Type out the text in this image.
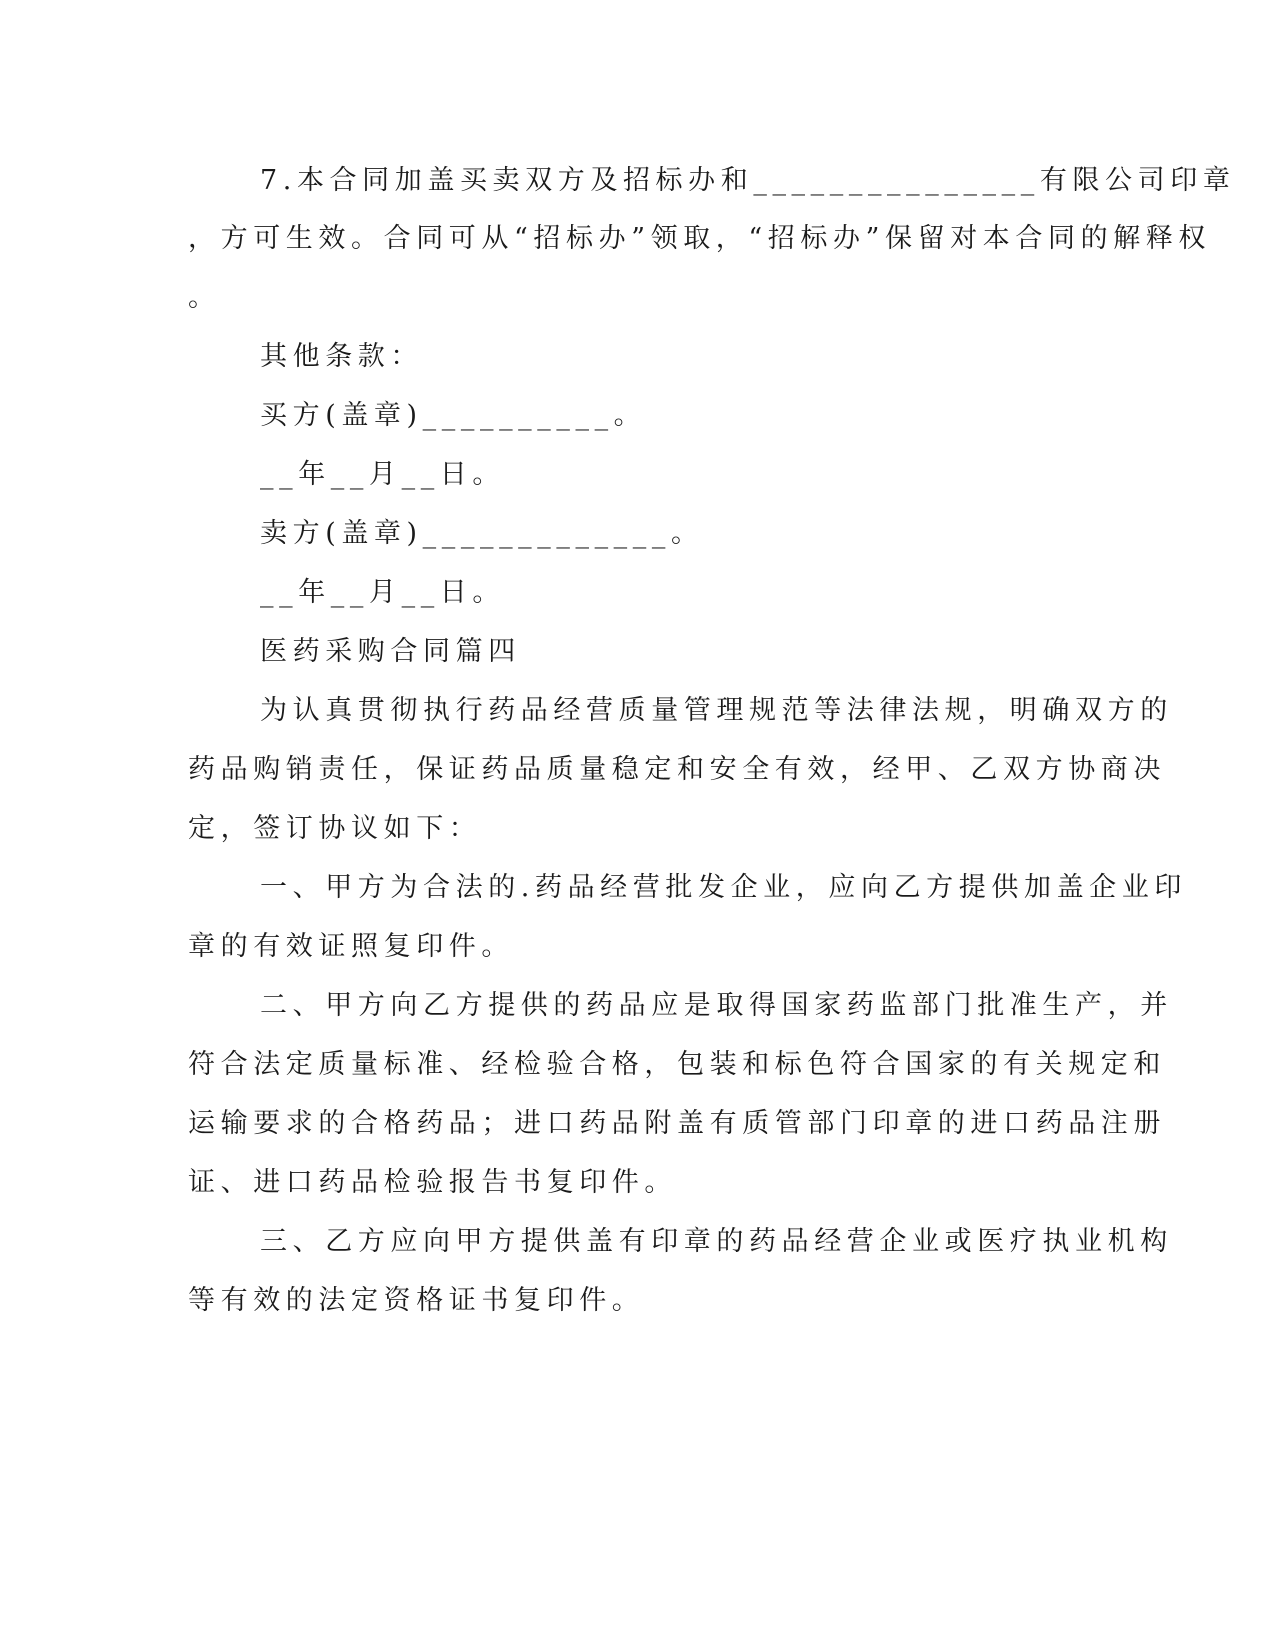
7.本合同加盖买卖双方及招标办和_______________有限公司印章
，方可生效。合同可从“招标办”领取，“招标办”保留对本合同的解释权
。
其他条款：
买方(盖章)__________。
__年__月__日。
卖方(盖章)_____________。
__年__月__日。
医药采购合同篇四
为认真贯彻执行药品经营质量管理规范等法律法规，明确双方的
药品购销责任，保证药品质量稳定和安全有效，经甲、乙双方协商决
定，签订协议如下：
一、甲方为合法的.药品经营批发企业，应向乙方提供加盖企业印
章的有效证照复印件。
二、甲方向乙方提供的药品应是取得国家药监部门批准生产，并
符合法定质量标准、经检验合格，包装和标色符合国家的有关规定和
运输要求的合格药品；进口药品附盖有质管部门印章的进口药品注册
证、进口药品检验报告书复印件。
三、乙方应向甲方提供盖有印章的药品经营企业或医疗执业机构
等有效的法定资格证书复印件。
